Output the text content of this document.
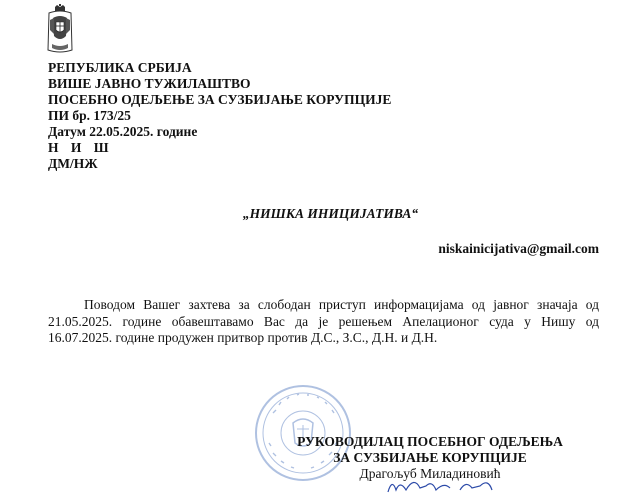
РЕПУБЛИКА СРБИЈА
ВИШЕ ЈАВНО ТУЖИЛАШТВО
ПОСЕБНО ОДЕЉЕЊЕ ЗА СУЗБИЈАЊЕ КОРУПЦИЈЕ
ПИ бр. 173/25
Датум 22.05.2025. године
Н И Ш
ДМ/НЖ
„НИШКА ИНИЦИЈАТИВА“
niskainicijativa@gmail.com
Поводом Вашег захтева за слободан приступ информацијама од јавног значаја од
21.05.2025. године обавештавамо Вас да је решењем Апелационог суда у Нишу од
16.07.2025. године продужен притвор против Д.С., З.С., Д.Н. и Д.Н.
РУКОВОДИЛАЦ ПОСЕБНОГ ОДЕЉЕЊА
ЗА СУЗБИЈАЊЕ КОРУПЦИЈЕ
Драгољуб Миладиновић
